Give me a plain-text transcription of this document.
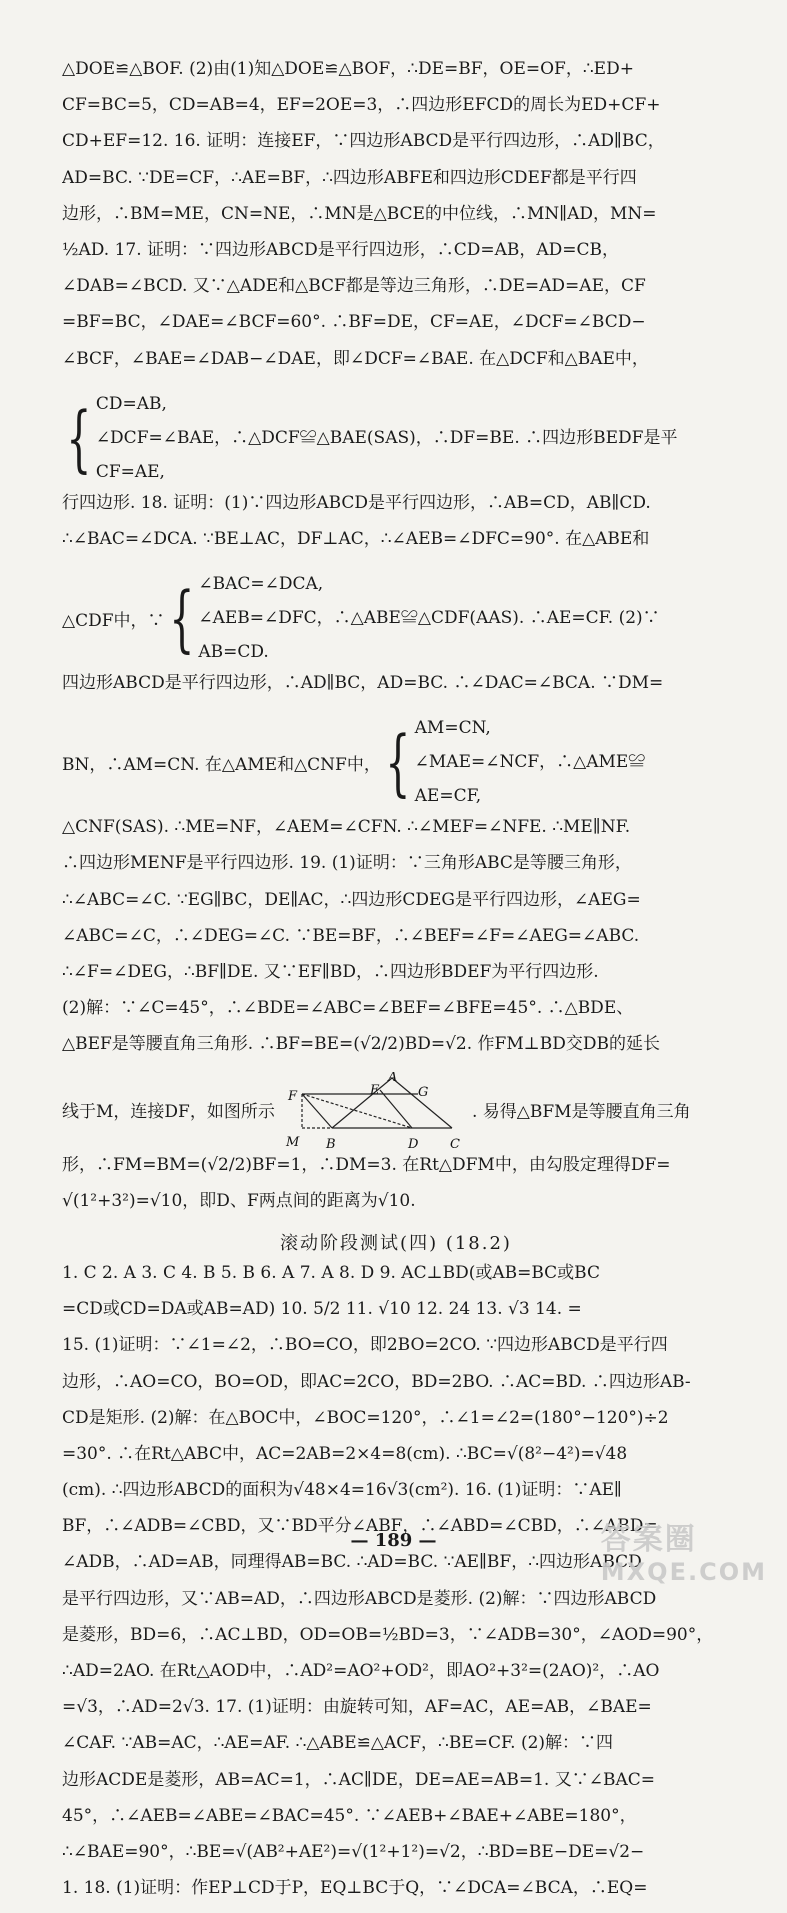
△DOE≌△BOF. (2)由(1)知△DOE≌△BOF，∴DE=BF，OE=OF，∴ED+
CF=BC=5，CD=AB=4，EF=2OE=3，∴四边形EFCD的周长为ED+CF+
CD+EF=12. 16. 证明：连接EF，∵四边形ABCD是平行四边形，∴AD∥BC，
AD=BC. ∵DE=CF，∴AE=BF，∴四边形ABFE和四边形CDEF都是平行四
边形，∴BM=ME，CN=NE，∴MN是△BCE的中位线，∴MN∥AD，MN=
½AD. 17. 证明：∵四边形ABCD是平行四边形，∴CD=AB，AD=CB，
∠DAB=∠BCD. 又∵△ADE和△BCF都是等边三角形，∴DE=AD=AE，CF
=BF=BC，∠DAE=∠BCF=60°. ∴BF=DE，CF=AE，∠DCF=∠BCD−
∠BCF，∠BAE=∠DAB−∠DAE，即∠DCF=∠BAE. 在△DCF和△BAE中，
{ CD=AB,
∠DCF=∠BAE，∴△DCF≌△BAE(SAS)，∴DF=BE. ∴四边形BEDF是平
CF=AE,
行四边形. 18. 证明：(1)∵四边形ABCD是平行四边形，∴AB=CD，AB∥CD.
∴∠BAC=∠DCA. ∵BE⊥AC，DF⊥AC，∴∠AEB=∠DFC=90°. 在△ABE和
△CDF中，∵ { ∠BAC=∠DCA,
∠AEB=∠DFC，∴△ABE≌△CDF(AAS). ∴AE=CF. (2)∵
AB=CD.
四边形ABCD是平行四边形，∴AD∥BC，AD=BC. ∴∠DAC=∠BCA. ∵DM=
BN，∴AM=CN. 在△AME和△CNF中， { AM=CN,
∠MAE=∠NCF，∴△AME≌
AE=CF,
△CNF(SAS). ∴ME=NF，∠AEM=∠CFN. ∴∠MEF=∠NFE. ∴ME∥NF.
∴四边形MENF是平行四边形. 19. (1)证明：∵三角形ABC是等腰三角形，
∴∠ABC=∠C. ∵EG∥BC，DE∥AC，∴四边形CDEG是平行四边形，∠AEG=
∠ABC=∠C，∴∠DEG=∠C. ∵BE=BF，∴∠BEF=∠F=∠AEG=∠ABC.
∴∠F=∠DEG，∴BF∥DE. 又∵EF∥BD，∴四边形BDEF为平行四边形.
(2)解：∵∠C=45°，∴∠BDE=∠ABC=∠BEF=∠BFE=45°. ∴△BDE、
△BEF是等腰直角三角形. ∴BF=BE=(√2/2)BD=√2. 作FM⊥BD交DB的延长
线于M，连接DF，如图所示
A
E	G
F
M B	D C
. 易得△BFM是等腰直角三角
形，∴FM=BM=(√2/2)BF=1，∴DM=3. 在Rt△DFM中，由勾股定理得DF=
√(1²+3²)=√10，即D、F两点间的距离为√10.
滚动阶段测试(四) (18.2)
1. C 2. A 3. C 4. B 5. B 6. A 7. A 8. D 9. AC⊥BD(或AB=BC或BC
=CD或CD=DA或AB=AD) 10. 5/2 11. √10 12. 24 13. √3 14. =
15. (1)证明：∵∠1=∠2，∴BO=CO，即2BO=2CO. ∵四边形ABCD是平行四
边形，∴AO=CO，BO=OD，即AC=2CO，BD=2BO. ∴AC=BD. ∴四边形AB-
CD是矩形. (2)解：在△BOC中，∠BOC=120°，∴∠1=∠2=(180°−120°)÷2
=30°. ∴在Rt△ABC中，AC=2AB=2×4=8(cm). ∴BC=√(8²−4²)=√48
(cm). ∴四边形ABCD的面积为√48×4=16√3(cm²). 16. (1)证明：∵AE∥
BF，∴∠ADB=∠CBD，又∵BD平分∠ABF，∴∠ABD=∠CBD，∴∠ABD=
∠ADB，∴AD=AB，同理得AB=BC. ∴AD=BC. ∵AE∥BF，∴四边形ABCD
是平行四边形，又∵AB=AD，∴四边形ABCD是菱形. (2)解：∵四边形ABCD
是菱形，BD=6，∴AC⊥BD，OD=OB=½BD=3，∵∠ADB=30°，∠AOD=90°，
∴AD=2AO. 在Rt△AOD中，∴AD²=AO²+OD²，即AO²+3²=(2AO)²，∴AO
=√3，∴AD=2√3. 17. (1)证明：由旋转可知，AF=AC，AE=AB，∠BAE=
∠CAF. ∵AB=AC，∴AE=AF. ∴△ABE≌△ACF，∴BE=CF. (2)解：∵四
边形ACDE是菱形，AB=AC=1，∴AC∥DE，DE=AE=AB=1. 又∵∠BAC=
45°，∴∠AEB=∠ABE=∠BAC=45°. ∵∠AEB+∠BAE+∠ABE=180°，
∴∠BAE=90°，∴BE=√(AB²+AE²)=√(1²+1²)=√2，∴BD=BE−DE=√2−
1. 18. (1)证明：作EP⊥CD于P，EQ⊥BC于Q，∵∠DCA=∠BCA，∴EQ=
— 189 —	答案圈
MXQE.COM
